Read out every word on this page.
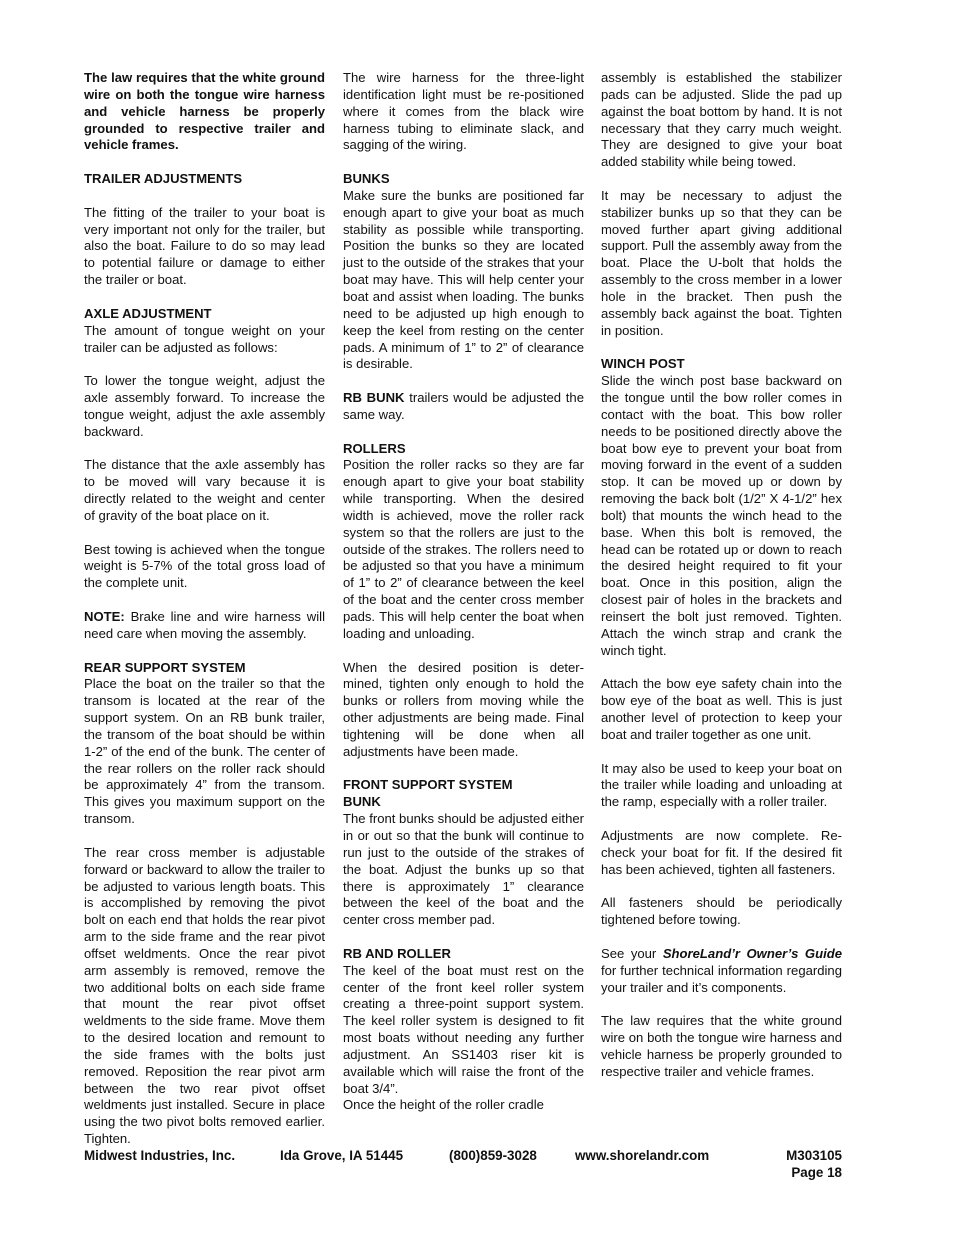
The law requires that the white ground wire on both the tongue wire harness and vehicle harness be properly grounded to respective trailer and vehicle frames.

TRAILER ADJUSTMENTS

The fitting of the trailer to your boat is very important not only for the trailer, but also the boat. Failure to do so may lead to potential failure or damage to either the trailer or boat.

AXLE ADJUSTMENT
The amount of tongue weight on your trailer can be adjusted as follows:

To lower the tongue weight, adjust the axle assembly forward. To increase the tongue weight, adjust the axle assembly backward.

The distance that the axle assembly has to be moved will vary because it is directly related to the weight and center of gravity of the boat place on it.

Best towing is achieved when the tongue weight is 5-7% of the total gross load of the complete unit.

NOTE: Brake line and wire harness will need care when moving the assembly.

REAR SUPPORT SYSTEM
Place the boat on the trailer so that the transom is located at the rear of the support system. On an RB bunk trailer, the transom of the boat should be within 1-2” of the end of the bunk. The center of the rear rollers on the roller rack should be approximately 4” from the transom. This gives you maximum support on the transom.

The rear cross member is adjustable forward or backward to allow the trailer to be adjusted to various length boats. This is accomplished by removing the pivot bolt on each end that holds the rear pivot arm to the side frame and the rear pivot offset weldments. Once the rear pivot arm assembly is removed, remove the two additional bolts on each side frame that mount the rear pivot offset weldments to the side frame. Move them to the desired location and remount to the side frames with the bolts just removed. Reposition the rear pivot arm between the two rear pivot offset weldments just installed. Secure in place using the two pivot bolts removed earlier. Tighten.

The wire harness for the three-light identification light must be re-positioned where it comes from the black wire harness tubing to eliminate slack, and sagging of the wiring.

BUNKS
Make sure the bunks are positioned far enough apart to give your boat as much stability as possible while transporting. Position the bunks so they are located just to the outside of the strakes that your boat may have. This will help center your boat and assist when loading. The bunks need to be adjusted up high enough to keep the keel from resting on the center pads. A minimum of 1” to 2” of clearance is desirable.

RB BUNK trailers would be adjusted the same way.

ROLLERS
Position the roller racks so they are far enough apart to give your boat stability while transporting. When the desired width is achieved, move the roller rack system so that the rollers are just to the outside of the strakes. The rollers need to be adjusted so that you have a minimum of 1” to 2” of clearance between the keel of the boat and the center cross member pads. This will help center the boat when loading and unloading.

When the desired position is deter-mined, tighten only enough to hold the bunks or rollers from moving while the other adjustments are being made. Final tightening will be done when all adjustments have been made.

FRONT SUPPORT SYSTEM
BUNK
The front bunks should be adjusted either in or out so that the bunk will continue to run just to the outside of the strakes of the boat. Adjust the bunks up so that there is approximately 1” clearance between the keel of the boat and the center cross member pad.

RB AND ROLLER
The keel of the boat must rest on the center of the front keel roller system creating a three-point support system. The keel roller system is designed to fit most boats without needing any further adjustment. An SS1403 riser kit is available which will raise the front of the boat 3/4”.

Once the height of the roller cradle

assembly is established the stabilizer pads can be adjusted. Slide the pad up against the boat bottom by hand. It is not necessary that they carry much weight. They are designed to give your boat added stability while being towed.

It may be necessary to adjust the stabilizer bunks up so that they can be moved further apart giving additional support. Pull the assembly away from the boat. Place the U-bolt that holds the assembly to the cross member in a lower hole in the bracket. Then push the assembly back against the boat. Tighten in position.

WINCH POST
Slide the winch post base backward on the tongue until the bow roller comes in contact with the boat. This bow roller needs to be positioned directly above the boat bow eye to prevent your boat from moving forward in the event of a sudden stop. It can be moved up or down by removing the back bolt (1/2” X 4-1/2” hex bolt) that mounts the winch head to the base. When this bolt is removed, the head can be rotated up or down to reach the desired height required to fit your boat. Once in this position, align the closest pair of holes in the brackets and reinsert the bolt just removed. Tighten. Attach the winch strap and crank the winch tight.

Attach the bow eye safety chain into the bow eye of the boat as well. This is just another level of protection to keep your boat and trailer together as one unit.

It may also be used to keep your boat on the trailer while loading and unloading at the ramp, especially with a roller trailer.

Adjustments are now complete. Re- check your boat for fit. If the desired fit has been achieved, tighten all fasteners.

All fasteners should be periodically tightened before towing.

See your ShoreLand’r Owner’s Guide for further technical information regarding your trailer and it’s components.

The law requires that the white ground wire on both the tongue wire harness and vehicle harness be properly grounded to respective trailer and vehicle frames.

Midwest Industries, Inc.	Ida Grove, IA 51445	(800)859-3028	www.shorelandr.com	M303105
Page 18
